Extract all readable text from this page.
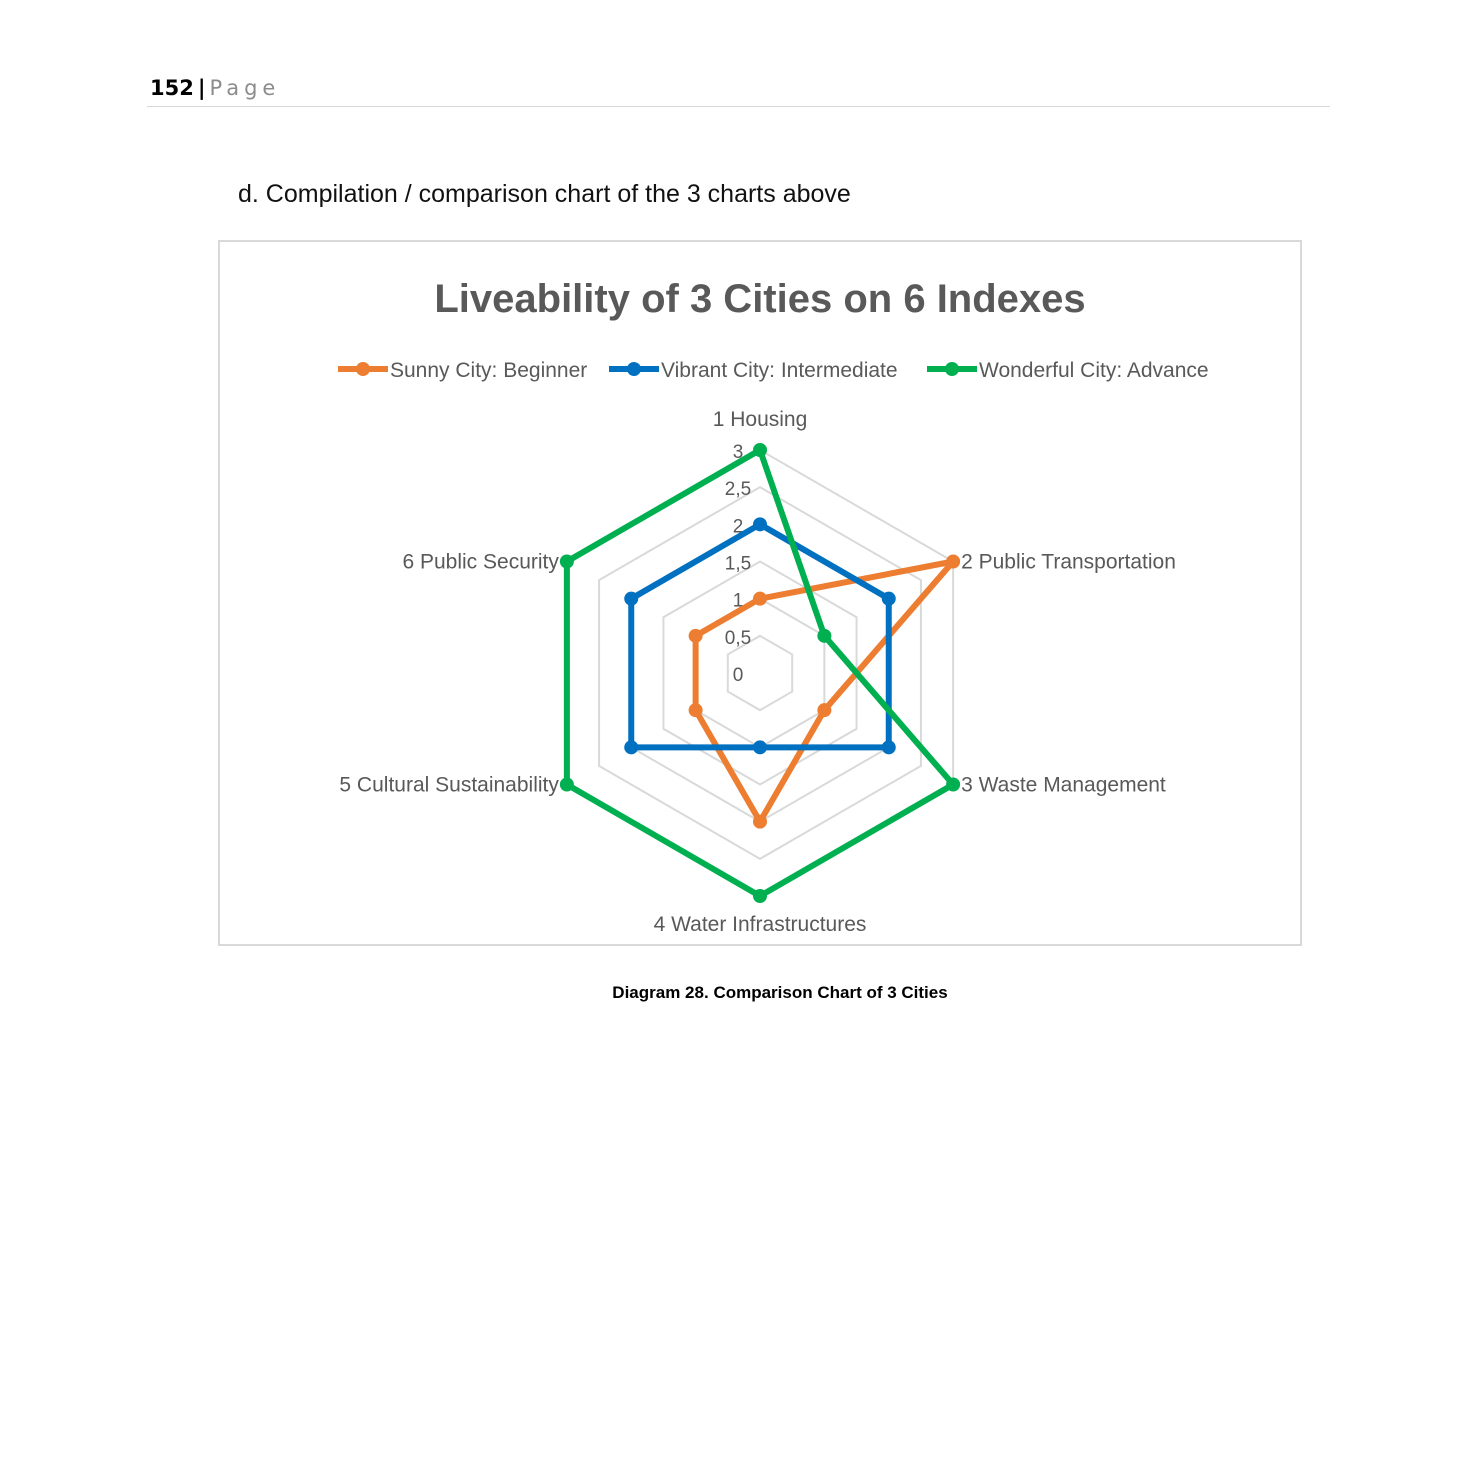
152 | Page
d. Compilation / comparison chart of the 3 charts above
Liveability of 3 Cities on 6 Indexes
Sunny City: Beginner	Vibrant City: Intermediate	Wonderful City: Advance
0
0,5
1
1,5
2
2,5
3
1 Housing
2 Public Transportation
3 Waste Management
4 Water Infrastructures
5 Cultural Sustainability
6 Public Security
Diagram 28. Comparison Chart of 3 Cities
